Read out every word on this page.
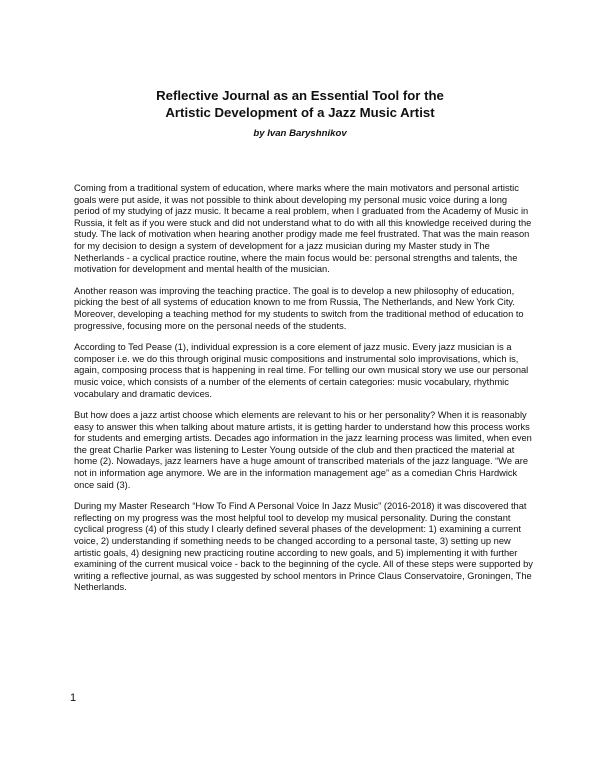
Reflective Journal as an Essential Tool for the
Artistic Development of a Jazz Music Artist

by Ivan Baryshnikov

Coming from a traditional system of education, where marks where the main motivators and personal artistic goals were put aside, it was not possible to think about developing my personal music voice during a long period of my studying of jazz music. It became a real problem, when I graduated from the Academy of Music in Russia, it felt as if you were stuck and did not understand what to do with all this knowledge received during the study. The lack of motivation when hearing another prodigy made me feel frustrated. That was the main reason for my decision to design a system of development for a jazz musician during my Master study in The Netherlands - a cyclical practice routine, where the main focus would be: personal strengths and talents, the motivation for development and mental health of the musician.

Another reason was improving the teaching practice. The goal is to develop a new philosophy of education, picking the best of all systems of education known to me from Russia, The Netherlands, and New York City. Moreover, developing a teaching method for my students to switch from the traditional method of education to progressive, focusing more on the personal needs of the students.

According to Ted Pease (1), individual expression is a core element of jazz music. Every jazz musician is a composer i.e. we do this through original music compositions and instrumental solo improvisations, which is, again, composing process that is happening in real time. For telling our own musical story we use our personal music voice, which consists of a number of the elements of certain categories: music vocabulary, rhythmic vocabulary and dramatic devices.

But how does a jazz artist choose which elements are relevant to his or her personality? When it is reasonably easy to answer this when talking about mature artists, it is getting harder to understand how this process works for students and emerging artists. Decades ago information in the jazz learning process was limited, when even the great Charlie Parker was listening to Lester Young outside of the club and then practiced the material at home (2). Nowadays, jazz learners have a huge amount of transcribed materials of the jazz language. “We are not in information age anymore. We are in the information management age” as a comedian Chris Hardwick once said (3).

During my Master Research “How To Find A Personal Voice In Jazz Music” (2016-2018) it was discovered that reflecting on my progress was the most helpful tool to develop my musical personality. During the constant cyclical progress (4) of this study I clearly defined several phases of the development: 1) examining a current voice, 2) understanding if something needs to be changed according to a personal taste, 3) setting up new artistic goals, 4) designing new practicing routine according to new goals, and 5) implementing it with further examining of the current musical voice - back to the beginning of the cycle. All of these steps were supported by writing a reflective journal, as was suggested by school mentors in Prince Claus Conservatoire, Groningen, The Netherlands.

1
